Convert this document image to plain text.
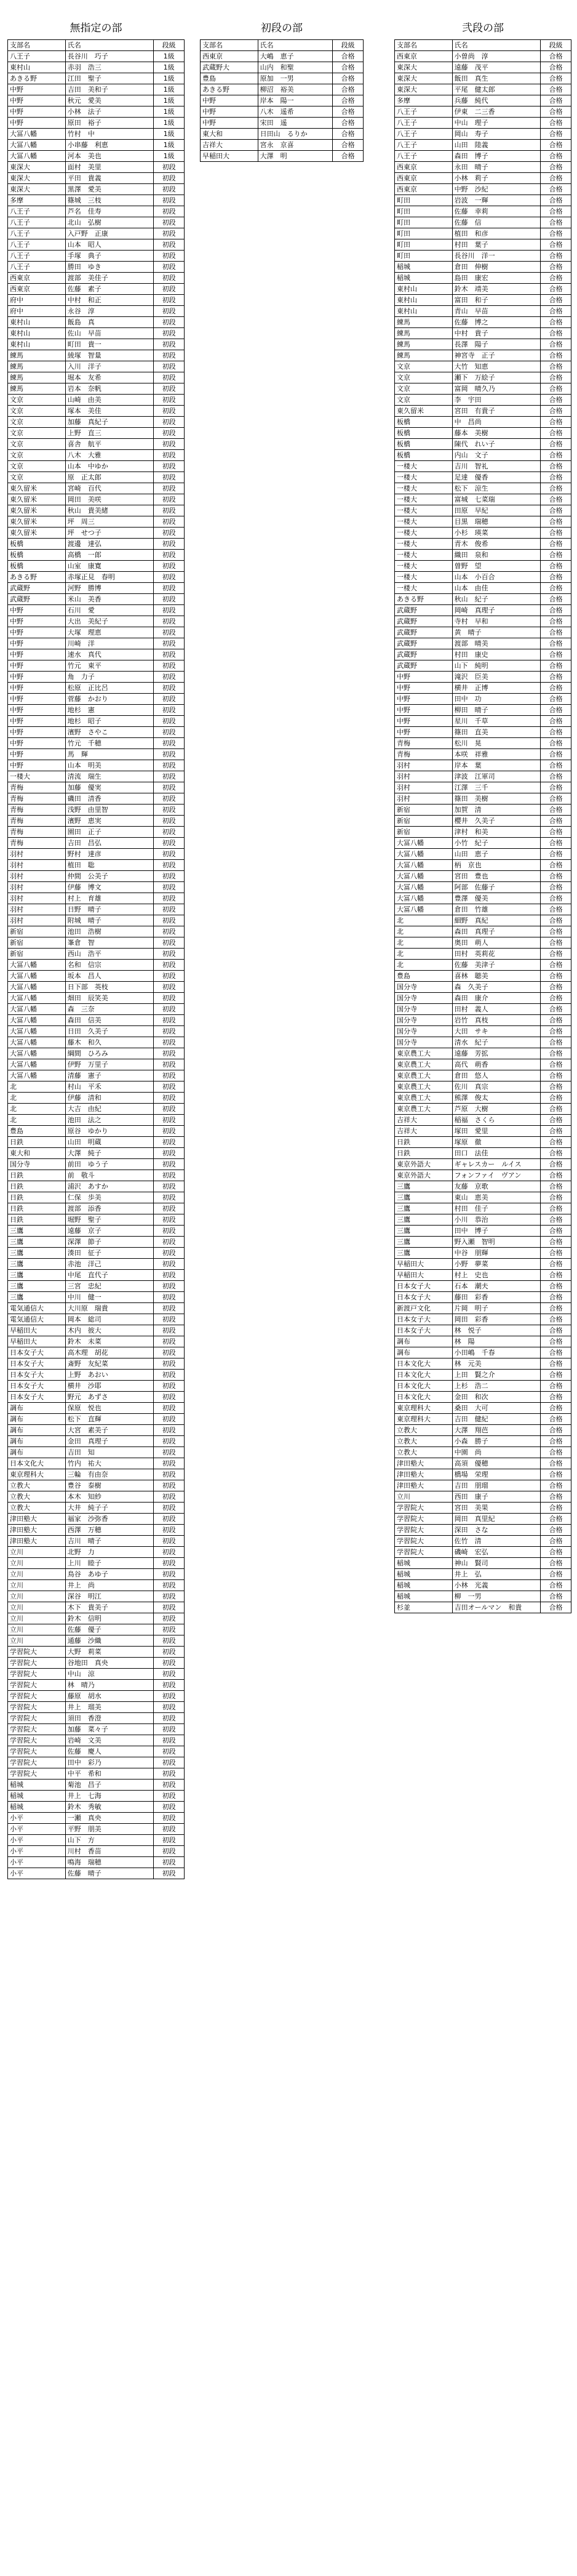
無指定の部
支部名	氏名	段級
八王子	長谷川　巧子	1級
東村山	赤羽　浩三	1級
あきる野	江田　聖子	1級
中野	吉田　美和子	1級
中野	秋元　愛美	1級
中野	小林　法子	1級
中野	原田　裕子	1級
大冨八幡	竹村　中	1級
大冨八幡	小串藤　利恵	1級
大冨八幡	河本　美也	1級
東深大	面村　美里	初段
東深大	平田　貴義	初段
東深大	黒澤　愛美	初段
多摩	篠城　三枝	初段
八王子	芦名　佳寿	初段
八王子	北山　弘樹	初段
八王子	入戸野　正康	初段
八王子	山本　昭人	初段
八王子	手塚　典子	初段
八王子	勝田　ゆき	初段
西東京	渡部　美佳子	初段
西東京	佐藤　素子	初段
府中	中村　和正	初段
府中	永谷　淳	初段
東村山	飯島　真	初段
東村山	佐山　早苗	初段
東村山	町田　貴一	初段
練馬	綾塚　智量	初段
練馬	入川　洋子	初段
練馬	堀本　友希	初段
練馬	岩本　奈帆	初段
文京	山崎　由美	初段
文京	塚本　美佳	初段
文京	加藤　真紀子	初段
文京	上野　直三	初段
文京	喜舎　航平	初段
文京	八木　大雅	初段
文京	山本　中ゆか	初段
文京	原　正太郎	初段
東久留米	宮崎　百代	初段
東久留米	岡田　美咲	初段
東久留米	秋山　貴美緒	初段
東久留米	坪　周三	初段
東久留米	坪　せつ子	初段
板橋	渡邊　達弘	初段
板橋	高橋　一郎	初段
板橋	山室　康寛	初段
あきる野	赤塚正見　春明	初段
武蔵野	河野　勝博	初段
武蔵野	米山　美香	初段
中野	石川　愛	初段
中野	大出　美紀子	初段
中野	大塚　理恵	初段
中野	川崎　洋	初段
中野	速水　真代	初段
中野	竹元　東平	初段
中野	角　力子	初段
中野	松原　正比呂	初段
中野	菅藤　かおり	初段
中野	地杉　憲	初段
中野	地杉　昭子	初段
中野	濱野　さやこ	初段
中野	竹元　千穂	初段
中野	馬　輝	初段
中野	山本　明美	初段
一楼大	清流　瑞生	初段
青梅	加藤　優実	初段
青梅	磯田　清香	初段
青梅	浅野　由里智	初段
青梅	濱野　恵実	初段
青梅	園田　正子	初段
青梅	吉田　昌弘	初段
羽村	野村　達彦	初段
羽村	植田　聡	初段
羽村	仲間　公美子	初段
羽村	伊藤　博文	初段
羽村	村上　育雄	初段
羽村	日野　晴子	初段
羽村	附城　晴子	初段
新宿	池田　浩樹	初段
新宿	峯倉　智	初段
新宿	西山　浩平	初段
大冨八幡	名和　信宗	初段
大冨八幡	坂本　昌人	初段
大冨八幡	日下部　英枝	初段
大冨八幡	畑田　辰笑美	初段
大冨八幡	森　三奈	初段
大冨八幡	森田　信美	初段
大冨八幡	日田　久美子	初段
大冨八幡	藤木　和久	初段
大冨八幡	綱間　ひろみ	初段
大冨八幡	伊野　万里子	初段
大冨八幡	清藤　憲子	初段
北	村山　平禾	初段
北	伊藤　清和	初段
北	大吉　由紀	初段
北	池田　法之	初段
豊島	原谷　ゆかり	初段
日鉄	山田　明蔵	初段
東大和	大澤　純子	初段
国分寺	前田　ゆう子	初段
日鉄	前　敬斗	初段
日鉄	浦沢　あすか	初段
日鉄	仁保　歩美	初段
日鉄	渡部　添香	初段
日鉄	堀野　聖子	初段
三鷹	遠藤　京子	初段
三鷹	深澤　節子	初段
三鷹	湊田　征子	初段
三鷹	赤池　洋己	初段
三鷹	中尾　直代子	初段
三鷹	三宮　忠紀	初段
三鷹	中川　健一	初段
電気通信大	大川原　瑞貴	初段
電気通信大	岡本　総司	初段
早稲田大	木内　彼大	初段
早稲田大	鈴木　未菜	初段
日本女子大	高木理　胡花	初段
日本女子大	斎野　友紀菜	初段
日本女子大	上野　あおい	初段
日本女子大	横井　沙耶	初段
日本女子大	野元　あずさ	初段
調布	保原　悦也	初段
調布	松下　直輝	初段
調布	大宮　素美子	初段
調布	金田　真理子	初段
調布	吉田　知	初段
日本文化大	竹内　祐大	初段
東京理科大	三輪　有由奈	初段
立教大	豊谷　泰樹	初段
立教大	本木　知紗	初段
立教大	大井　純子子	初段
津田塾大	福家　沙弥香	初段
津田塾大	西澤　万穂	初段
津田塾大	吉川　晴子	初段
立川	北野　力	初段
立川	上川　睦子	初段
立川	鳥谷　あゆ子	初段
立川	井上　尚	初段
立川	深谷　明江	初段
立川	木下　貴美子	初段
立川	鈴木　信明	初段
立川	佐藤　優子	初段
立川	通藤　沙織	初段
学習院大	大野　莉菜	初段
学習院大	谷地田　真央	初段
学習院大	中山　涼	初段
学習院大	林　晴乃	初段
学習院大	藤原　胡水	初段
学習院大	井上　瑠美	初段
学習院大	須田　香澄	初段
学習院大	加藤　菜々子	初段
学習院大	岩崎　文美	初段
学習院大	佐藤　慶人	初段
学習院大	田中　彩乃	初段
学習院大	中平　希和	初段
稲城	菊池　昌子	初段
稲城	井上　七海	初段
稲城	鈴木　秀敏	初段
小平	一瀬　真央	初段
小平	平野　朋美	初段
小平	山下　方	初段
小平	川村　香苗	初段
小平	鳴海　瑞穂	初段
小平	佐藤　晴子	初段
初段の部
支部名	氏名	段級
西東京	大嶋　恵子	合格
武蔵野大	山内　和聖	合格
豊島	原加　一男	合格
あきる野	柳沼　裕美	合格
中野	岸本　陽一	合格
中野	八木　遥希	合格
中野	宋田　遥	合格
東大和	日田山　るりか	合格
吉祥大	宮永　京喜	合格
早稲田大	大澤　明	合格
弐段の部
支部名	氏名	段級
西東京	小曽尚　淳	合格
東深大	遠藤　茂平	合格
東深大	飯田　真生	合格
東深大	平尾　健太郎	合格
多摩	兵藤　純代	合格
八王子	伊東　二三香	合格
八王子	中山　理子	合格
八王子	岡山　寿子	合格
八王子	山田　陸義	合格
八王子	森田　博子	合格
西東京	永田　晴子	合格
西東京	小林　莉子	合格
西東京	中野　沙紀	合格
町田	岩波　一輝	合格
町田	佐藤　幸莉	合格
町田	佐藤　信	合格
町田	植田　和彦	合格
町田	村田　葉子	合格
町田	長谷川　洋一	合格
稲城	倉田　伸樹	合格
稲城	島田　康宏	合格
東村山	鈴木　靖美	合格
東村山	富田　和子	合格
東村山	青山　早苗	合格
練馬	佐藤　博之	合格
練馬	中村　貴子	合格
練馬	長澤　陽子	合格
練馬	神宮寺　正子	合格
文京	大竹　知恵	合格
文京	瀬下　万絵子	合格
文京	富岡　晴久乃	合格
文京	李　宇田	合格
東久留米	宮田　有貴子	合格
板橋	中　昌尚	合格
板橋	藤本　美樹	合格
板橋	陳代　れい子	合格
板橋	内山　文子	合格
一楼大	吉川　智礼	合格
一楼大	足達　優香	合格
一楼大	松下　涼生	合格
一楼大	富城　七菜瑞	合格
一楼大	田原　早紀	合格
一楼大	目黒　瑞穂	合格
一楼大	小杉　瑛菜	合格
一楼大	青木　俊希	合格
一楼大	織田　泉和	合格
一楼大	曽野　望	合格
一楼大	山本　小百合	合格
一楼大	山本　由佳	合格
あきる野	秋山　紀子	合格
武蔵野	岡崎　真理子	合格
武蔵野	寺村　早和	合格
武蔵野	黄　晴子	合格
武蔵野	渡部　晴美	合格
武蔵野	村田　康史	合格
武蔵野	山下　純明	合格
中野	滝沢　臣美	合格
中野	横井　正博	合格
中野	田中　功	合格
中野	柳田　晴子	合格
中野	星川　千草	合格
中野	篠田　直美	合格
青梅	松川　晃	合格
青梅	本咲　祥雅	合格
羽村	岸本　葉	合格
羽村	津波　江軍司	合格
羽村	江澤　三千	合格
羽村	篠田　美樹	合格
新宿	加賀　清	合格
新宿	櫻井　久美子	合格
新宿	津村　和美	合格
大冨八幡	小竹　紀子	合格
大冨八幡	山田　恵子	合格
大冨八幡	柄　京也	合格
大冨八幡	宮田　豊也	合格
大冨八幡	阿部　佐藤子	合格
大冨八幡	豊澤　優美	合格
大冨八幡	倉田　竹雄	合格
北	細野　真紀	合格
北	森田　真理子	合格
北	奥田　萌人	合格
北	田村　英莉花	合格
北	佐藤　美津子	合格
豊島	喜林　聴美	合格
国分寺	森　久美子	合格
国分寺	森田　康介	合格
国分寺	田村　義人	合格
国分寺	岩竹　真枝	合格
国分寺	大田　サキ	合格
国分寺	清水　紀子	合格
東京農工大	遠藤　芳拡	合格
東京農工大	高代　萌香	合格
東京農工大	倉田　悠人	合格
東京農工大	佐川　真宗	合格
東京農工大	熊澤　俊太	合格
東京農工大	芦原　大樹	合格
吉祥大	稲福　さくら	合格
吉祥大	塚田　愛里	合格
日鉄	塚原　徹	合格
日鉄	田口　法佳	合格
東京外語大	ギャレスカー　ルイス	合格
東京外語大	フォンファイ　ヴアン	合格
三鷹	友藤　京歌	合格
三鷹	東山　恵美	合格
三鷹	村田　佳子	合格
三鷹	小川　恭治	合格
三鷹	田中　博子	合格
三鷹	野入瀬　智明	合格
三鷹	中谷　朋輝	合格
早稲田大	小野　夢菜	合格
早稲田大	村上　史也	合格
日本女子大	石本　潮夫	合格
日本女子大	藤田　彩香	合格
新渡戸文化	片岡　明子	合格
日本女子大	岡田　彩香	合格
日本女子大	林　悦子	合格
調布	林　陽	合格
調布	小田嶋　千春	合格
日本文化大	林　元美	合格
日本文化大	上田　賢之介	合格
日本文化大	上杉　浩二	合格
日本文化大	金田　和次	合格
東京理科大	桑田　大可	合格
東京理科大	吉田　健紀	合格
立教大	大澤　翔芭	合格
立教大	小森　勝子	合格
立教大	中園　尚	合格
津田塾大	高須　優穂	合格
津田塾大	橋場　栄理	合格
津田塾大	吉田　朋瑠	合格
立川	西田　康子	合格
学習院大	宮田　美果	合格
学習院大	岡田　真里紀	合格
学習院大	深田　さな	合格
学習院大	佐竹　清	合格
学習院大	磯崎　宏弘	合格
稲城	神山　賢司	合格
稲城	井上　弘	合格
稲城	小林　光義	合格
稲城	柳　一男	合格
杉並	吉田オールマン　和貴	合格
